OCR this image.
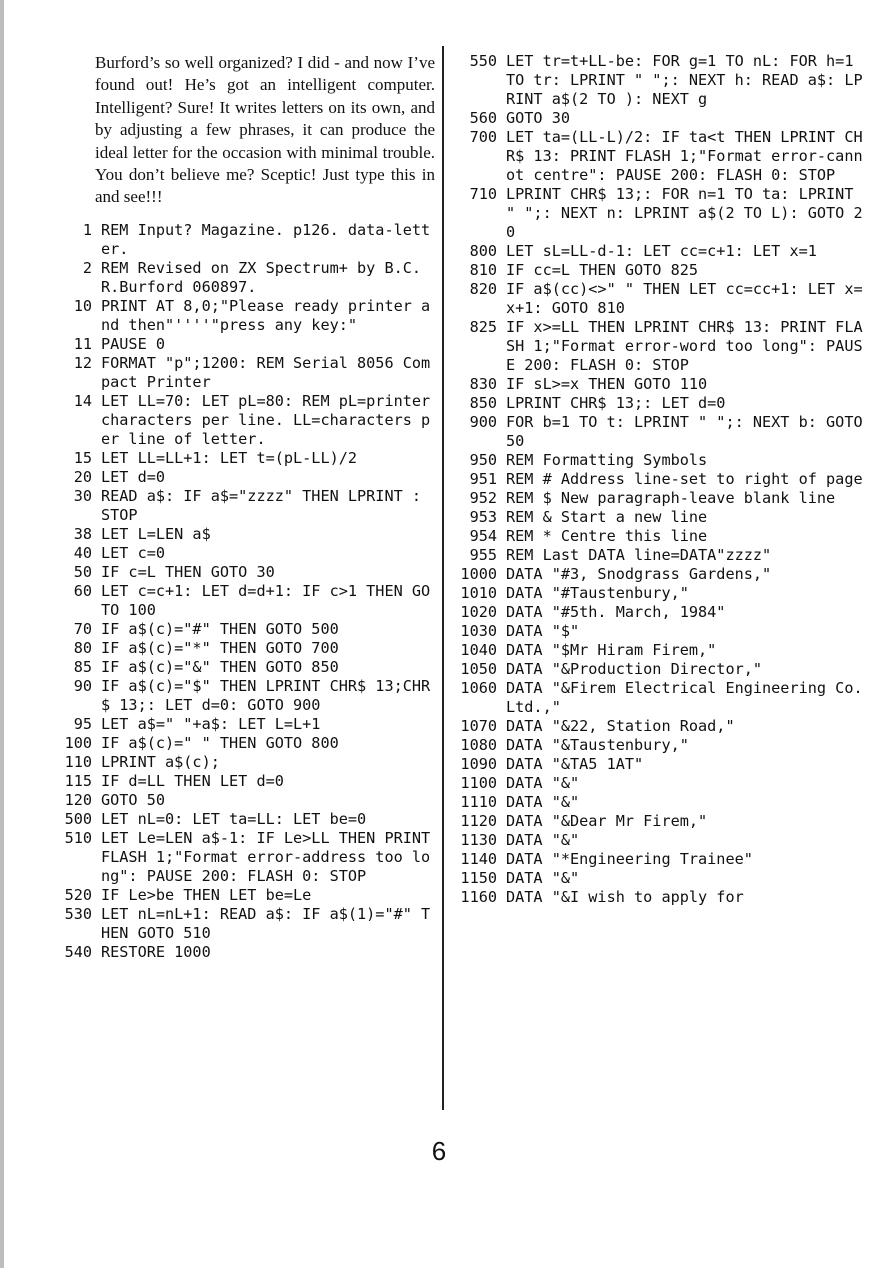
Burford’s so well organized? I did - and now I’ve found out! He’s got an intelligent computer. Intelligent? Sure! It writes letters on its own, and by adjusting a few phrases, it can produce the ideal letter for the occasion with minimal trouble. You don’t believe me? Sceptic! Just type this in and see!!!

1 REM Input? Magazine. p126. data-letter.
2 REM Revised on ZX Spectrum+ by B.C.R.Burford 060897.
10 PRINT AT 8,0;"Please ready printer and then"''''"press any key:"
11 PAUSE 0
12 FORMAT "p";1200: REM Serial 8056 Compact Printer
14 LET LL=70: LET pL=80: REM pL=printer characters per line. LL=characters per line of letter.
15 LET LL=LL+1: LET t=(pL-LL)/2
20 LET d=0
30 READ a$: IF a$="zzzz" THEN LPRINT : STOP
38 LET L=LEN a$
40 LET c=0
50 IF c=L THEN GOTO 30
60 LET c=c+1: LET d=d+1: IF c>1 THEN GOTO 100
70 IF a$(c)="#" THEN GOTO 500
80 IF a$(c)="*" THEN GOTO 700
85 IF a$(c)="&" THEN GOTO 850
90 IF a$(c)="$" THEN LPRINT CHR$ 13;CHR$ 13;: LET d=0: GOTO 900
95 LET a$=" "+a$: LET L=L+1
100 IF a$(c)=" " THEN GOTO 800
110 LPRINT a$(c);
115 IF d=LL THEN LET d=0
120 GOTO 50
500 LET nL=0: LET ta=LL: LET be=0
510 LET Le=LEN a$-1: IF Le>LL THEN PRINT FLASH 1;"Format error-address too long": PAUSE 200: FLASH 0: STOP
520 IF Le>be THEN LET be=Le
530 LET nL=nL+1: READ a$: IF a$(1)="#" THEN GOTO 510
540 RESTORE 1000
550 LET tr=t+LL-be: FOR g=1 TO nL: FOR h=1 TO tr: LPRINT " ";: NEXT h: READ a$: LPRINT a$(2 TO ): NEXT g
560 GOTO 30
700 LET ta=(LL-L)/2: IF ta<t THEN LPRINT CHR$ 13: PRINT FLASH 1;"Format error-cannot centre": PAUSE 200: FLASH 0: STOP
710 LPRINT CHR$ 13;: FOR n=1 TO ta: LPRINT " ";: NEXT n: LPRINT a$(2 TO L): GOTO 20
800 LET sL=LL-d-1: LET cc=c+1: LET x=1
810 IF cc=L THEN GOTO 825
820 IF a$(cc)<>" " THEN LET cc=cc+1: LET x=x+1: GOTO 810
825 IF x>=LL THEN LPRINT CHR$ 13: PRINT FLASH 1;"Format error-word too long": PAUSE 200: FLASH 0: STOP
830 IF sL>=x THEN GOTO 110
850 LPRINT CHR$ 13;: LET d=0
900 FOR b=1 TO t: LPRINT " ";: NEXT b: GOTO 50
950 REM Formatting Symbols
951 REM # Address line-set to right of page
952 REM $ New paragraph-leave blank line
953 REM & Start a new line
954 REM * Centre this line
955 REM Last DATA line=DATA"zzzz"
1000 DATA "#3, Snodgrass Gardens,"
1010 DATA "#Taustenbury,"
1020 DATA "#5th. March, 1984"
1030 DATA "$"
1040 DATA "$Mr Hiram Firem,"
1050 DATA "&Production Director,"
1060 DATA "&Firem Electrical Engineering Co. Ltd.,"
1070 DATA "&22, Station Road,"
1080 DATA "&Taustenbury,"
1090 DATA "&TA5 1AT"
1100 DATA "&"
1110 DATA "&"
1120 DATA "&Dear Mr Firem,"
1130 DATA "&"
1140 DATA "*Engineering Trainee"
1150 DATA "&"
1160 DATA "&I wish to apply for
6
